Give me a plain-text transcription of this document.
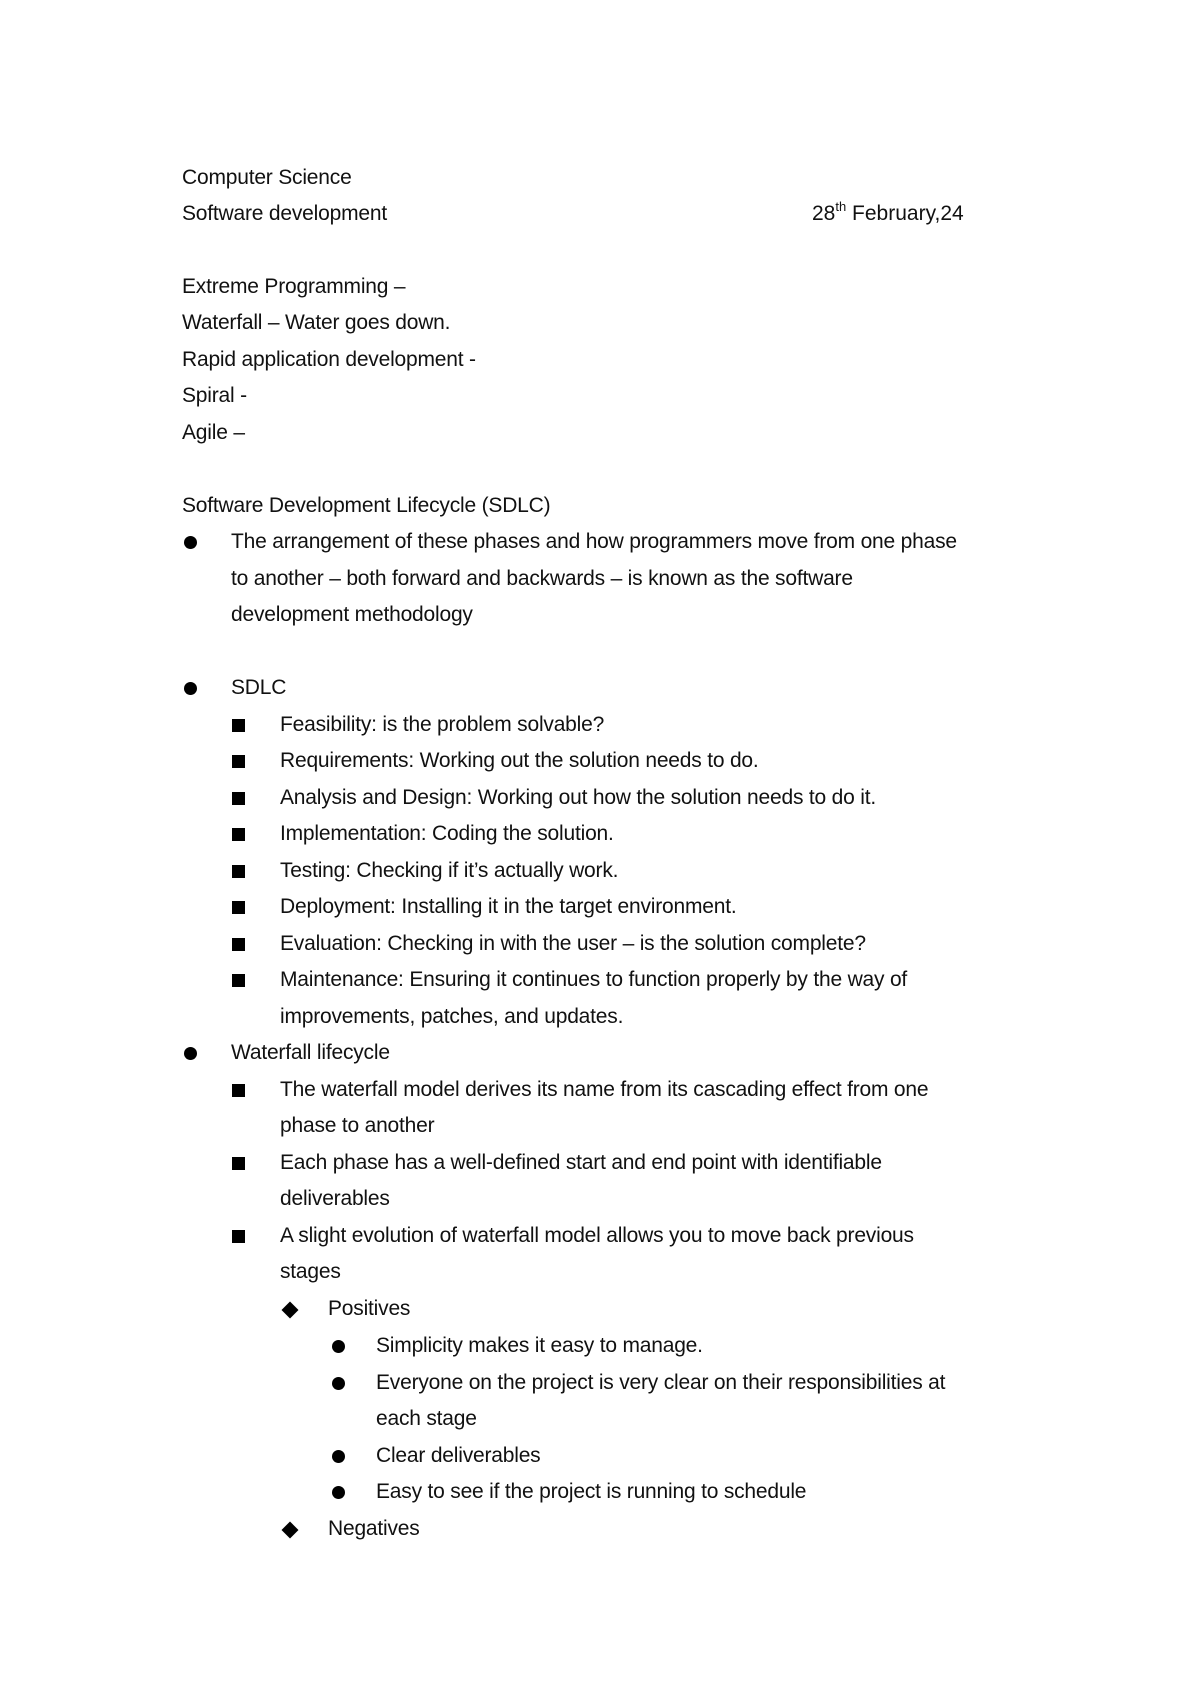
Computer Science
Software development	28th February,24
Extreme Programming –
Waterfall – Water goes down.
Rapid application development -
Spiral -
Agile –
Software Development Lifecycle (SDLC)
The arrangement of these phases and how programmers move from one phase
to another – both forward and backwards – is known as the software
development methodology
SDLC
Feasibility: is the problem solvable?
Requirements: Working out the solution needs to do.
Analysis and Design: Working out how the solution needs to do it.
Implementation: Coding the solution.
Testing: Checking if it’s actually work.
Deployment: Installing it in the target environment.
Evaluation: Checking in with the user – is the solution complete?
Maintenance: Ensuring it continues to function properly by the way of
improvements, patches, and updates.
Waterfall lifecycle
The waterfall model derives its name from its cascading effect from one
phase to another
Each phase has a well-defined start and end point with identifiable
deliverables
A slight evolution of waterfall model allows you to move back previous
stages
Positives
Simplicity makes it easy to manage.
Everyone on the project is very clear on their responsibilities at
each stage
Clear deliverables
Easy to see if the project is running to schedule
Negatives
